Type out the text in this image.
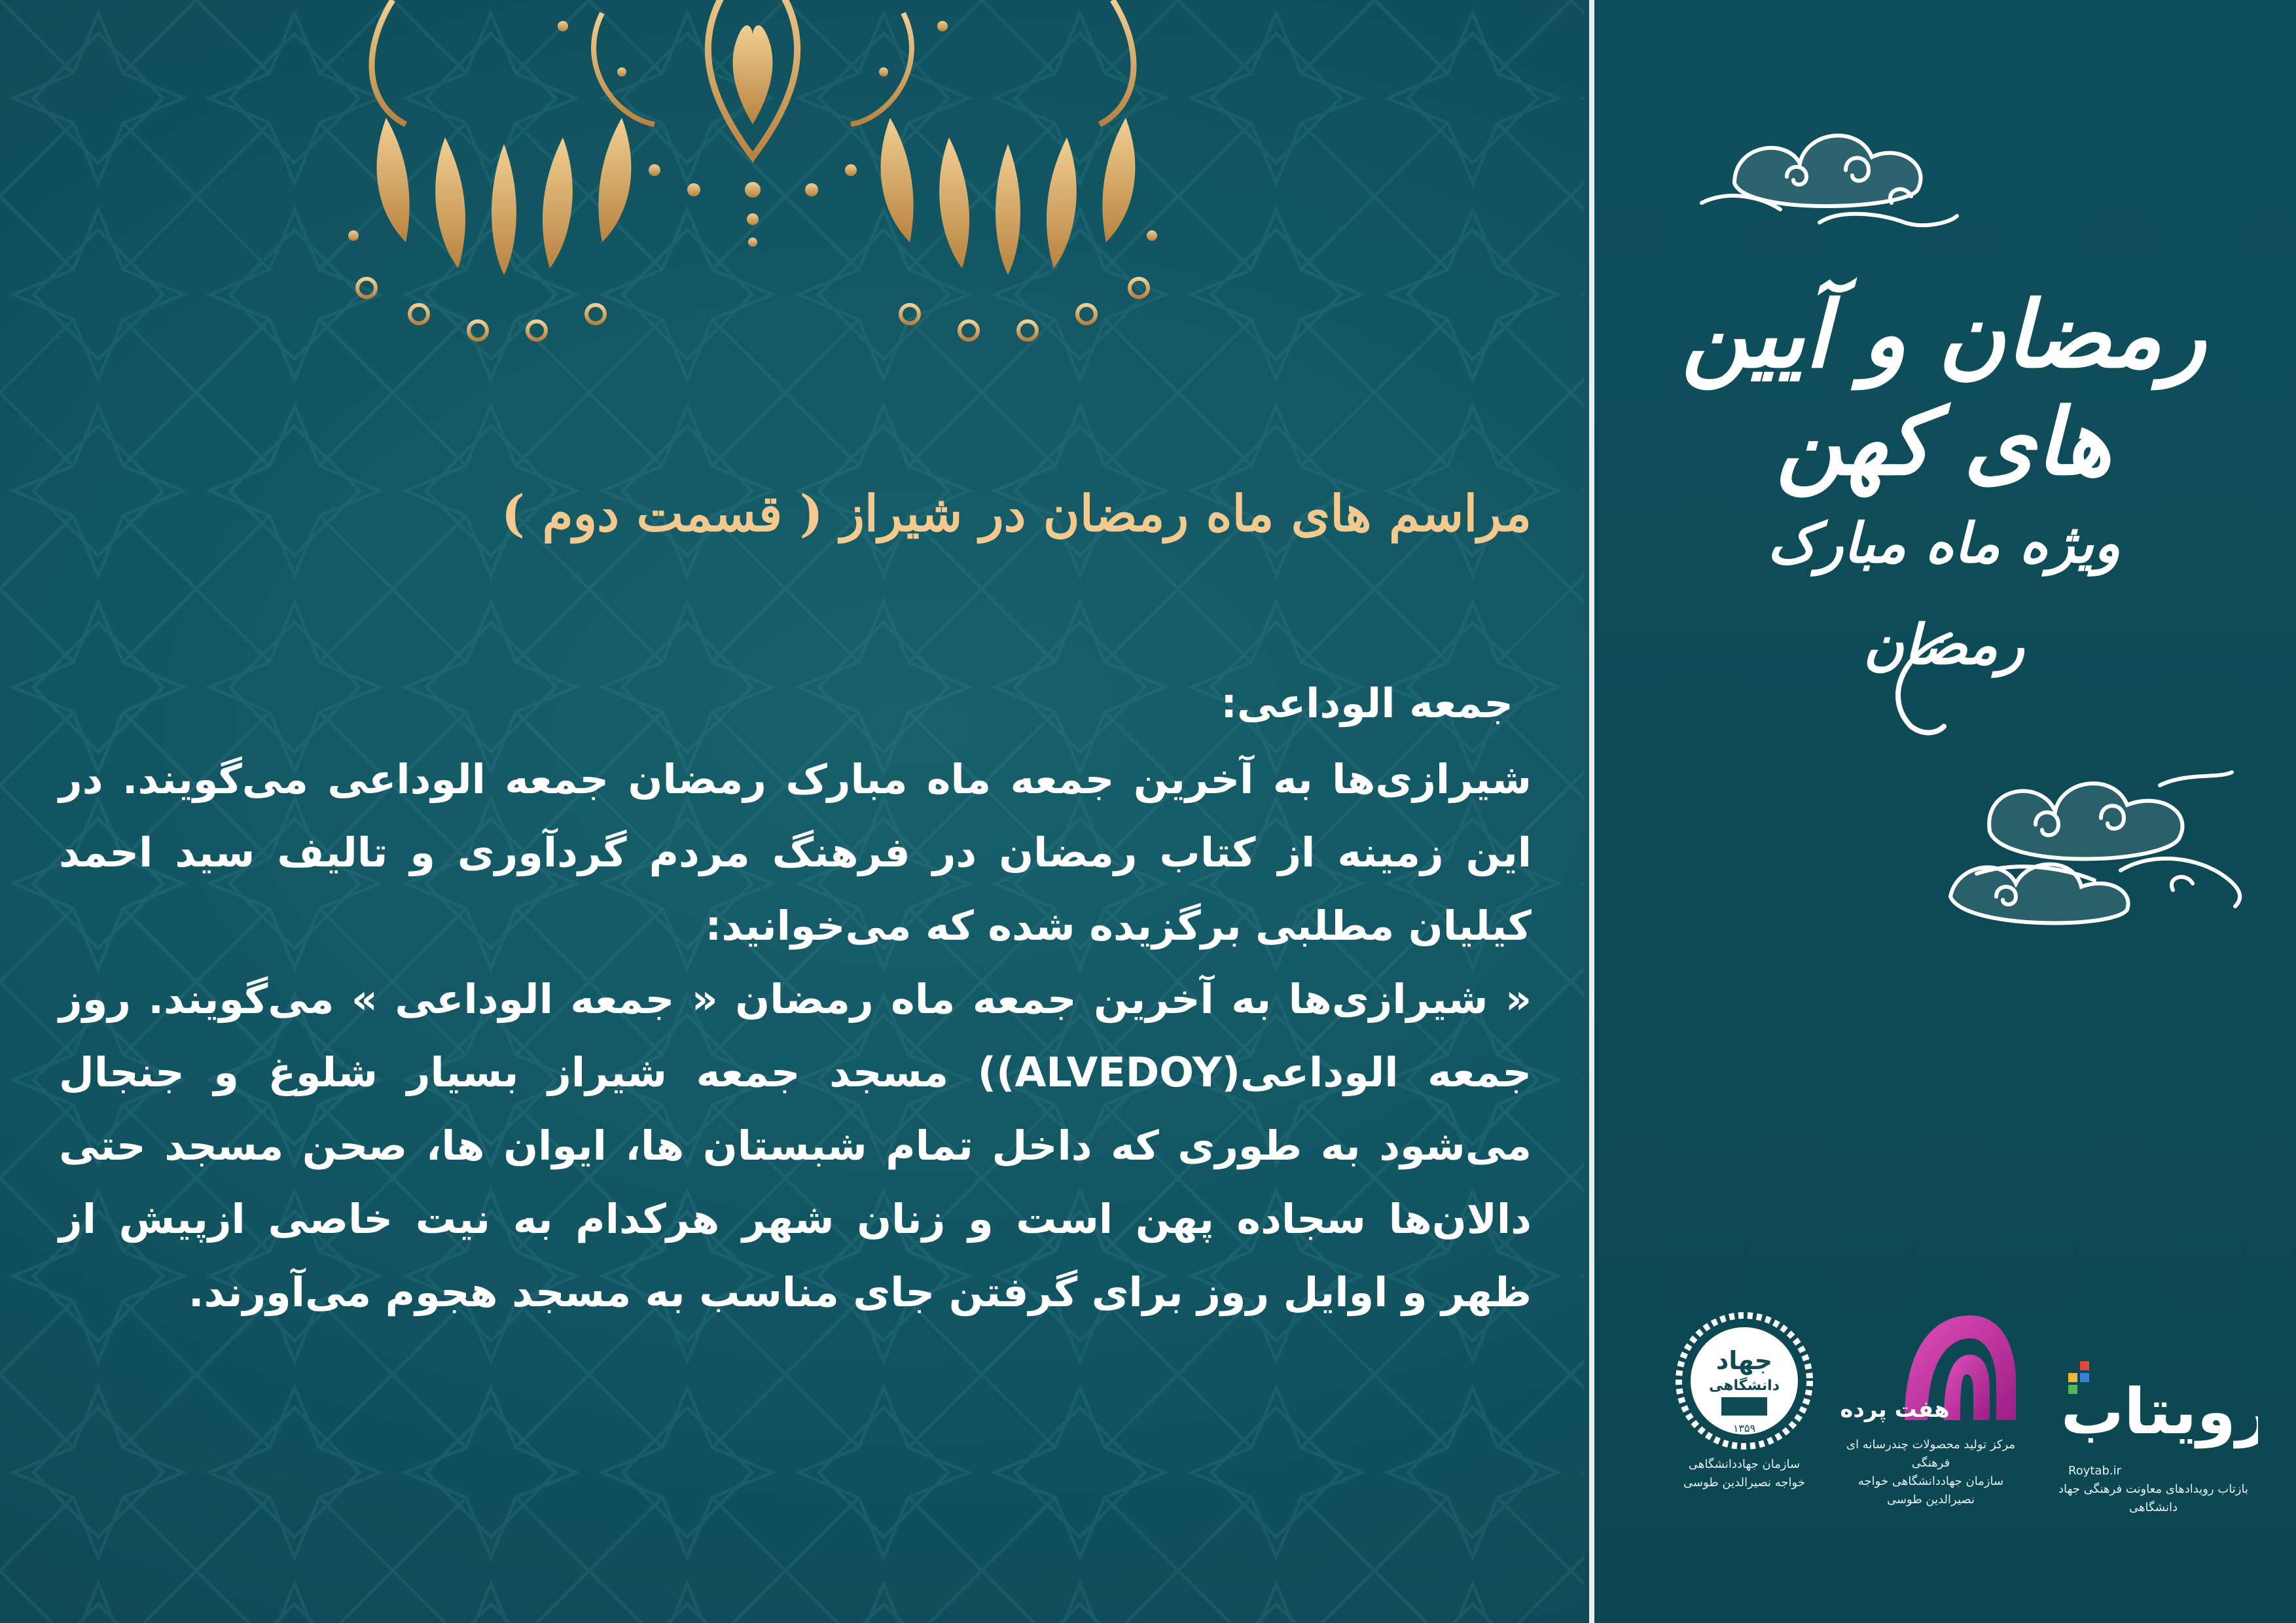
مراسم های ماه رمضان در شیراز ( قسمت دوم )

جمعه الوداعی:

شیرازی‌ها به آخرین جمعه ماه مبارک رمضان جمعه الوداعی می‌گویند. در این زمینه از کتاب رمضان در فرهنگ مردم گردآوری و تالیف سید احمد کیلیان مطلبی برگزیده شده که می‌خوانید:

« شیرازی‌ها به آخرین جمعه ماه رمضان « جمعه الوداعی » می‌گویند. روز جمعه الوداعی(ALVEDOY)) مسجد جمعه شیراز بسیار شلوغ و جنجال می‌شود به طوری که داخل تمام شبستان ها، ایوان ها، صحن مسجد حتی دالان‌ها سجاده پهن است و زنان شهر هرکدام به نیت خاصی ازپیش از ظهر و اوایل روز برای گرفتن جای مناسب به مسجد هجوم می‌آورند.

رمضان و آیین های کهن
ویژه ماه مبارک
رمضان
رویتاب
Roytab.ir
بازتاب رویدادهای معاونت فرهنگی جهاد دانشگاهی
هفت پرده
مرکز تولید محصولات چندرسانه ای فرهنگی
سازمان جهاددانشگاهی خواجه نصیرالدین طوسی
جهاد
دانشگاهی
۱۳۵۹
سازمان جهاددانشگاهی
خواجه نصیرالدین طوسی
